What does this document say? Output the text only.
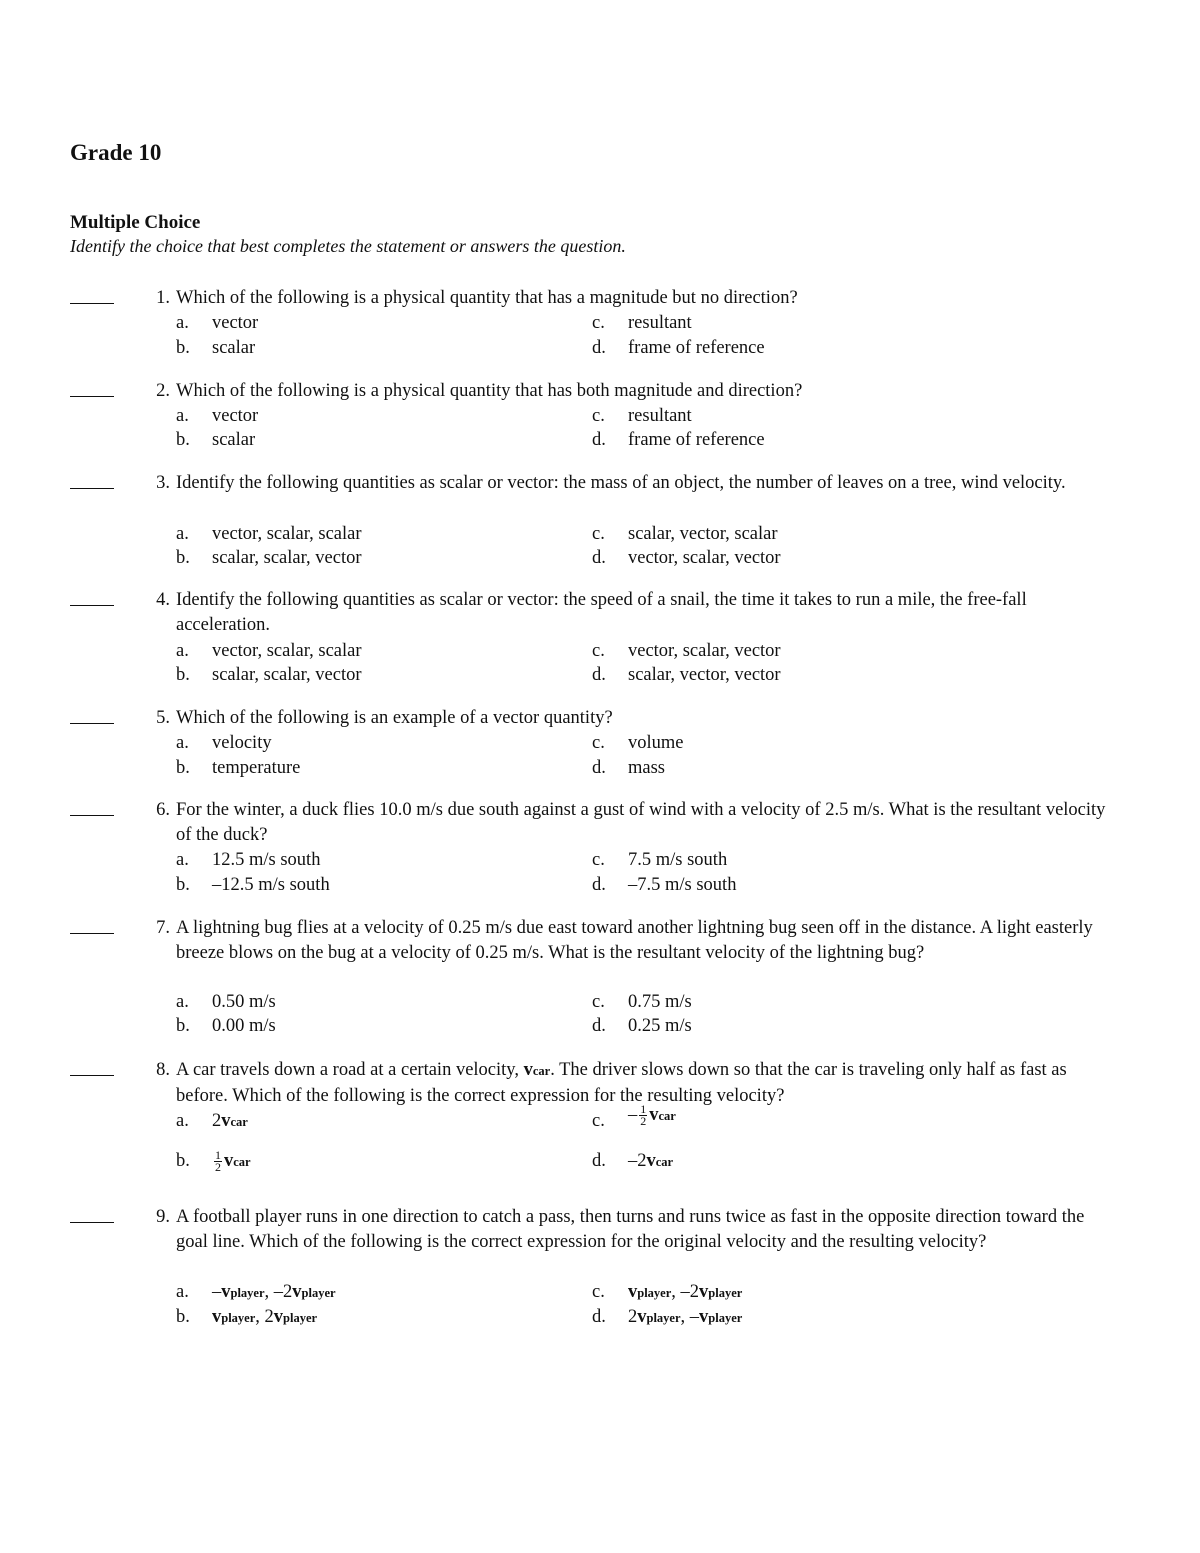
Grade 10
Multiple Choice
Identify the choice that best completes the statement or answers the question.
1. Which of the following is a physical quantity that has a magnitude but no direction?
a. vector	c. resultant
b. scalar	d. frame of reference
2. Which of the following is a physical quantity that has both magnitude and direction?
a. vector	c. resultant
b. scalar	d. frame of reference
3. Identify the following quantities as scalar or vector: the mass of an object, the number of leaves on a tree, wind velocity.
a. vector, scalar, scalar	c. scalar, vector, scalar
b. scalar, scalar, vector	d. vector, scalar, vector
4. Identify the following quantities as scalar or vector: the speed of a snail, the time it takes to run a mile, the free-fall acceleration.
a. vector, scalar, scalar	c. vector, scalar, vector
b. scalar, scalar, vector	d. scalar, vector, vector
5. Which of the following is an example of a vector quantity?
a. velocity	c. volume
b. temperature	d. mass
6. For the winter, a duck flies 10.0 m/s due south against a gust of wind with a velocity of 2.5 m/s. What is the resultant velocity of the duck?
a. 12.5 m/s south	c. 7.5 m/s south
b. –12.5 m/s south	d. –7.5 m/s south
7. A lightning bug flies at a velocity of 0.25 m/s due east toward another lightning bug seen off in the distance. A light easterly breeze blows on the bug at a velocity of 0.25 m/s. What is the resultant velocity of the lightning bug?
a. 0.50 m/s	c. 0.75 m/s
b. 0.00 m/s	d. 0.25 m/s
8. A car travels down a road at a certain velocity, vcar. The driver slows down so that the car is traveling only half as fast as before. Which of the following is the correct expression for the resulting velocity?
a. 2vcar	c. – $\frac{1}{2}$ vcar
b. $\frac{1}{2}$ vcar	d. –2vcar
9. A football player runs in one direction to catch a pass, then turns and runs twice as fast in the opposite direction toward the goal line. Which of the following is the correct expression for the original velocity and the resulting velocity?
a. –vplayer, –2vplayer	c. vplayer, –2vplayer
b. vplayer, 2vplayer	d. 2vplayer, –vplayer
